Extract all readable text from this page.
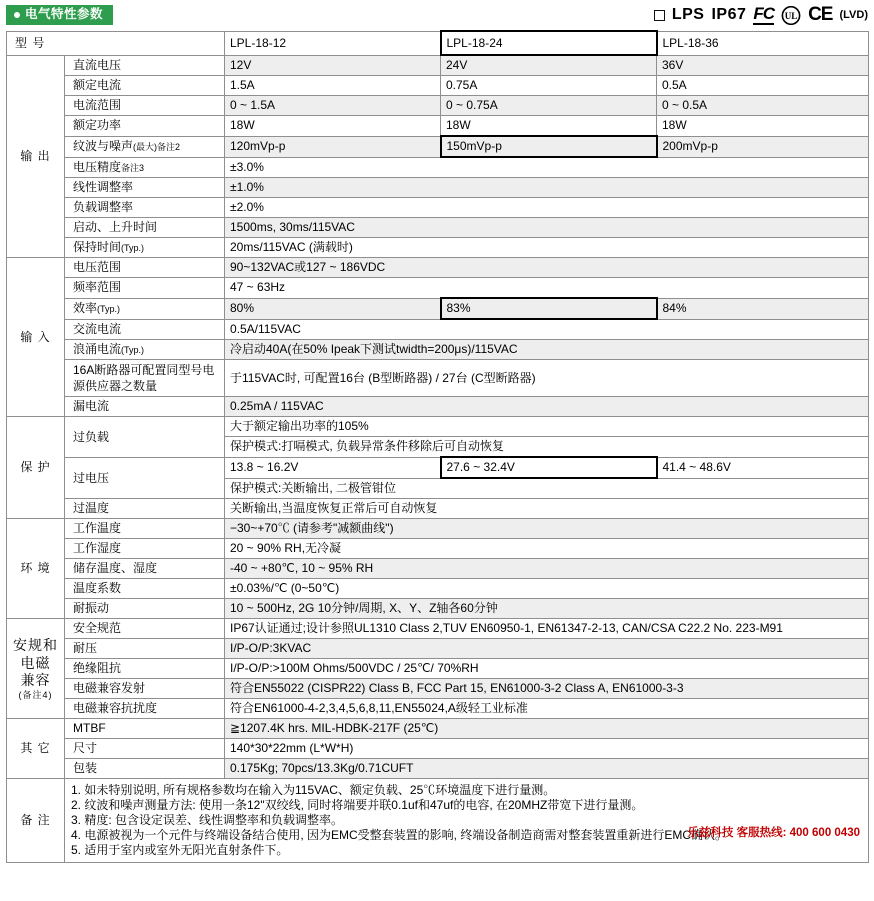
电气特性参数	LPS IP67 FC UL CE (LVD)
型 号		LPL-18-12	LPL-18-24	LPL-18-36
输 出	直流电压	12V	24V	36V
	额定电流	1.5A	0.75A	0.5A
	电流范围	0 ~ 1.5A	0 ~ 0.75A	0 ~ 0.5A
	额定功率	18W	18W	18W
	纹波与噪声(最大)备注2	120mVp-p	150mVp-p	200mVp-p
	电压精度备注3	±3.0%		
	线性调整率	±1.0%		
	负载调整率	±2.0%		
	启动、上升时间	1500ms, 30ms/115VAC		
	保持时间(Typ.)	20ms/115VAC (满载时)		
输 入	电压范围	90~132VAC或127 ~ 186VDC		
	频率范围	47 ~ 63Hz		
	效率(Typ.)	80%	83%	84%
	交流电流	0.5A/115VAC		
	浪涌电流(Typ.)	冷启动40A(在50% Ipeak下测试twidth=200μs)/115VAC		
	16A断路器可配置同型号电源供应器之数量	于115VAC时, 可配置16台 (B型断路器) / 27台 (C型断路器)		
	漏电流	0.25mA / 115VAC		
保 护	过负载	大于额定输出功率的105%		
		保护模式:打嗝模式, 负载异常条件移除后可自动恢复		
	过电压	13.8 ~ 16.2V	27.6 ~ 32.4V	41.4 ~ 48.6V
		保护模式:关断输出, 二极管钳位		
	过温度	关断输出,当温度恢复正常后可自动恢复		
环 境	工作温度	−30~+70℃ (请参考"减额曲线")		
	工作湿度	20 ~ 90% RH,无冷凝		
	储存温度、湿度	-40 ~ +80℃, 10 ~ 95% RH		
	温度系数	±0.03%/℃ (0~50℃)		
	耐振动	10 ~ 500Hz, 2G 10分钟/周期, X、Y、Z轴各60分钟		

安规和
电磁
兼容
(备注4)	安全规范	IP67认证通过;设计参照UL1310 Class 2,TUV EN60950-1, EN61347-2-13, CAN/CSA C22.2 No. 223-M91		
	耐压	I/P-O/P:3KVAC		
	绝缘阻抗	I/P-O/P:>100M Ohms/500VDC / 25℃/ 70%RH		
	电磁兼容发射	符合EN55022 (CISPR22) Class B, FCC Part 15, EN61000-3-2 Class A, EN61000-3-3		
	电磁兼容抗扰度	符合EN61000-4-2,3,4,5,6,8,11,EN55024,A级轻工业标准		
其 它	MTBF	≧1207.4K hrs. MIL-HDBK-217F (25℃)		
	尺寸	140*30*22mm (L*W*H)		
	包装	0.175Kg; 70pcs/13.3Kg/0.71CUFT		
备 注	
1. 如未特别说明, 所有规格参数均在输入为115VAC、额定负载、25℃环境温度下进行量测。
2. 纹波和噪声测量方法: 使用一条12"双绞线, 同时将端要并联0.1uf和47uf的电容, 在20MHZ带宽下进行量测。
3. 精度: 包含设定误差、线性调整率和负载调整率。
4. 电源被视为一个元件与终端设备结合使用, 因为EMC受整套装置的影响, 终端设备制造商需对整套装置重新进行EMC确认。
5. 适用于室内或室外无阳光直射条件下。
乐兹科技 客服热线: 400 600 0430
